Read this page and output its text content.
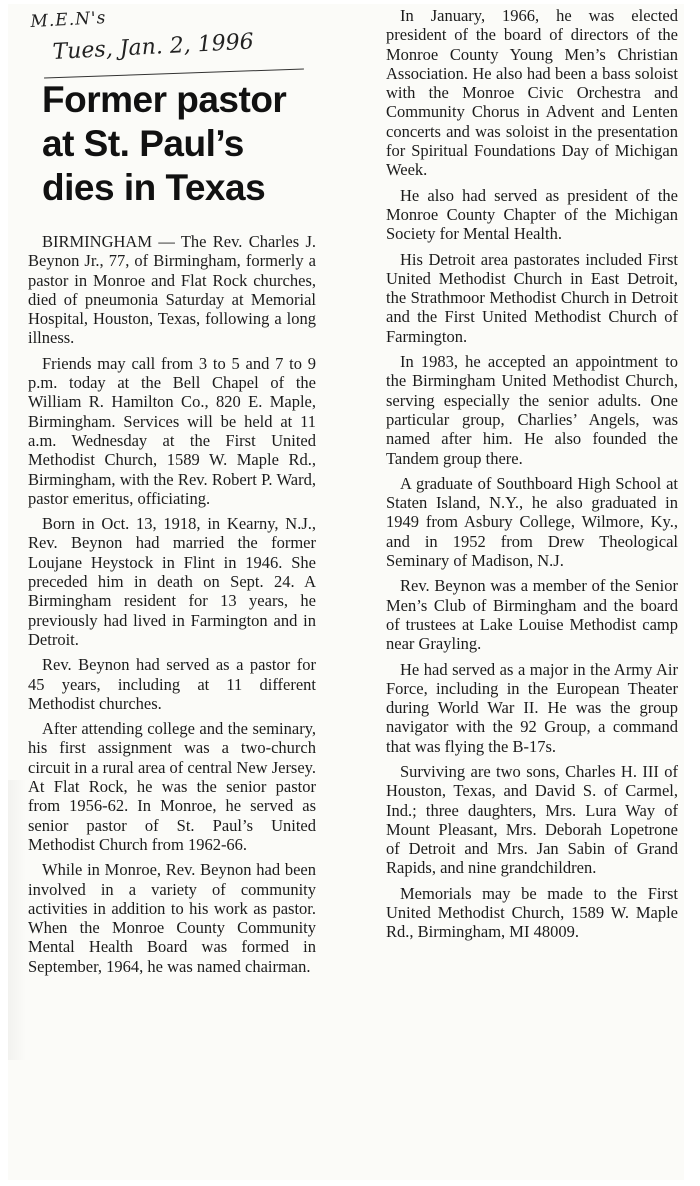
M.E.N's
Tues, Jan. 2, 1996
Former pastor
at St. Paul’s
dies in Texas

BIRMINGHAM — The Rev. Charles J. Beynon Jr., 77, of Birmingham, formerly a pastor in Monroe and Flat Rock churches, died of pneumonia Saturday at Memorial Hospital, Houston, Texas, following a long illness.

Friends may call from 3 to 5 and 7 to 9 p.m. today at the Bell Chapel of the William R. Hamilton Co., 820 E. Maple, Birmingham. Services will be held at 11 a.m. Wednesday at the First United Methodist Church, 1589 W. Maple Rd., Birmingham, with the Rev. Robert P. Ward, pastor emeritus, officiating.

Born in Oct. 13, 1918, in Kearny, N.J., Rev. Beynon had married the former Loujane Heystock in Flint in 1946. She preceded him in death on Sept. 24. A Birmingham resident for 13 years, he previously had lived in Farmington and in Detroit.

Rev. Beynon had served as a pastor for 45 years, including at 11 different Methodist churches.

After attending college and the seminary, his first assignment was a two-church circuit in a rural area of central New Jersey. At Flat Rock, he was the senior pastor from 1956-62. In Monroe, he served as senior pastor of St. Paul’s United Methodist Church from 1962-66.

While in Monroe, Rev. Beynon had been involved in a variety of community activities in addition to his work as pastor. When the Monroe County Community Mental Health Board was formed in September, 1964, he was named chairman.

In January, 1966, he was elected president of the board of directors of the Monroe County Young Men’s Christian Association. He also had been a bass soloist with the Monroe Civic Orchestra and Community Chorus in Advent and Lenten concerts and was soloist in the presentation for Spiritual Foundations Day of Michigan Week.

He also had served as president of the Monroe County Chapter of the Michigan Society for Mental Health.

His Detroit area pastorates included First United Methodist Church in East Detroit, the Strathmoor Methodist Church in Detroit and the First United Methodist Church of Farmington.

In 1983, he accepted an appointment to the Birmingham United Methodist Church, serving especially the senior adults. One particular group, Charlies’ Angels, was named after him. He also founded the Tandem group there.

A graduate of Southboard High School at Staten Island, N.Y., he also graduated in 1949 from Asbury College, Wilmore, Ky., and in 1952 from Drew Theological Seminary of Madison, N.J.

Rev. Beynon was a member of the Senior Men’s Club of Birmingham and the board of trustees at Lake Louise Methodist camp near Grayling.

He had served as a major in the Army Air Force, including in the European Theater during World War II. He was the group navigator with the 92 Group, a command that was flying the B-17s.

Surviving are two sons, Charles H. III of Houston, Texas, and David S. of Carmel, Ind.; three daughters, Mrs. Lura Way of Mount Pleasant, Mrs. Deborah Lopetrone of Detroit and Mrs. Jan Sabin of Grand Rapids, and nine grandchildren.

Memorials may be made to the First United Methodist Church, 1589 W. Maple Rd., Birmingham, MI 48009.
